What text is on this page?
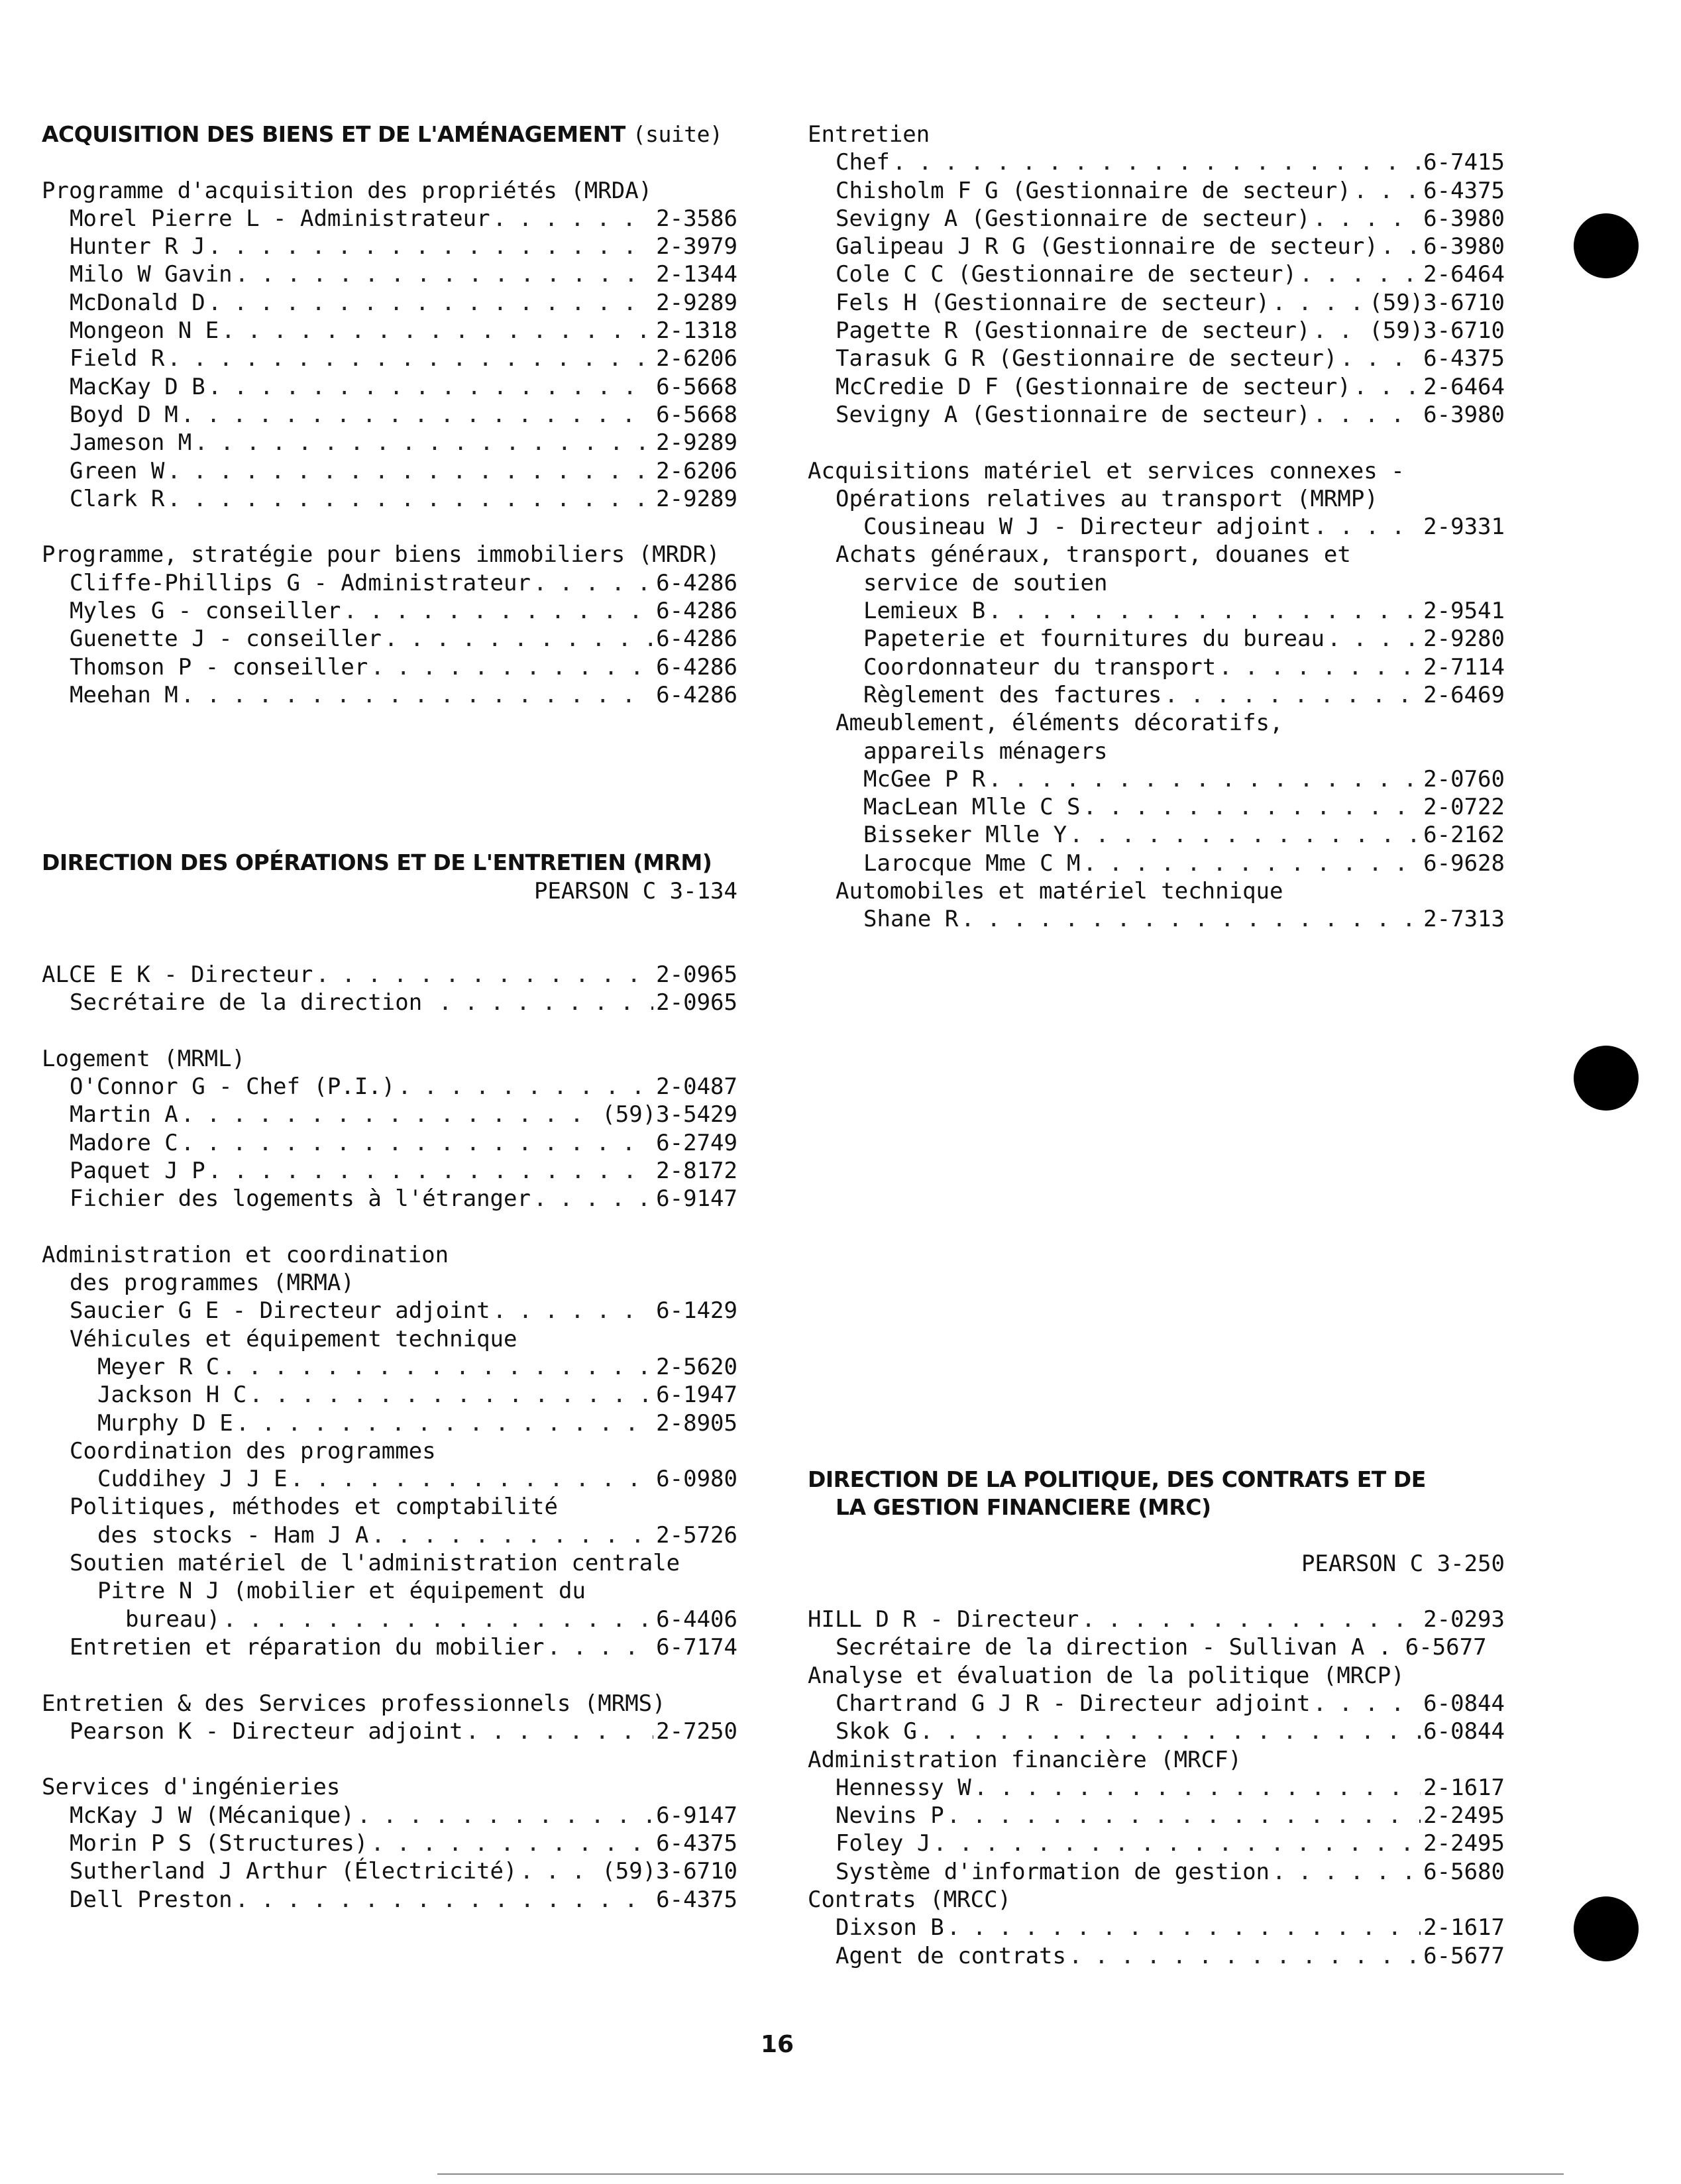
ACQUISITION DES BIENS ET DE L'AMÉNAGEMENT (suite)
Programme d'acquisition des propriétés (MRDA)
Morel Pierre L - Administrateur .....	2-3586
Hunter R J .....	2-3979
Milo W Gavin .....	2-1344
McDonald D .....	2-9289
Mongeon N E .....	2-1318
Field R .....	2-6206
MacKay D B .....	6-5668
Boyd D M .....	6-5668
Jameson M .....	2-9289
Green W .....	2-6206
Clark R .....	2-9289
Programme, stratégie pour biens immobiliers (MRDR)
Cliffe-Phillips G - Administrateur .....	6-4286
Myles G - conseiller .....	6-4286
Guenette J - conseiller .....	6-4286
Thomson P - conseiller .....	6-4286
Meehan M .....	6-4286
DIRECTION DES OPÉRATIONS ET DE L'ENTRETIEN (MRM)
PEARSON C 3-134
ALCE E K - Directeur .....	2-0965
Secrétaire de la direction .....	2-0965
Logement (MRML)
O'Connor G - Chef (P.I.) .....	2-0487
Martin A .....	(59)3-5429
Madore C .....	6-2749
Paquet J P .....	2-8172
Fichier des logements à l'étranger .....	6-9147
Administration et coordination
des programmes (MRMA)
Saucier G E - Directeur adjoint .....	6-1429
Véhicules et équipement technique
Meyer R C .....	2-5620
Jackson H C .....	6-1947
Murphy D E .....	2-8905
Coordination des programmes
Cuddihey J J E .....	6-0980
Politiques, méthodes et comptabilité
des stocks - Ham J A .....	2-5726
Soutien matériel de l'administration centrale
Pitre N J (mobilier et équipement du
bureau) .....	6-4406
Entretien et réparation du mobilier .....	6-7174
Entretien & des Services professionnels (MRMS)
Pearson K - Directeur adjoint .....	2-7250
Services d'ingénieries
McKay J W (Mécanique) .....	6-9147
Morin P S (Structures) .....	6-4375
Sutherland J Arthur (Électricité) .....	(59)3-6710
Dell Preston .....	6-4375
Entretien
Chef .....	6-7415
Chisholm F G (Gestionnaire de secteur) .....	6-4375
Sevigny A (Gestionnaire de secteur) .....	6-3980
Galipeau J R G (Gestionnaire de secteur) ..... 6-3980
Cole C C (Gestionnaire de secteur) .....	2-6464
Fels H (Gestionnaire de secteur) .....	(59)3-6710
Pagette R (Gestionnaire de secteur) .....	(59)3-6710
Tarasuk G R (Gestionnaire de secteur) .....	6-4375
McCredie D F (Gestionnaire de secteur) .....	2-6464
Sevigny A (Gestionnaire de secteur) .....	6-3980
Acquisitions matériel et services connexes -
Opérations relatives au transport (MRMP)
Cousineau W J - Directeur adjoint .....	2-9331
Achats généraux, transport, douanes et
service de soutien
Lemieux B .....	2-9541
Papeterie et fournitures du bureau .....	2-9280
Coordonnateur du transport .....	2-7114
Règlement des factures .....	2-6469
Ameublement, éléments décoratifs,
appareils ménagers
McGee P R .....	2-0760
MacLean Mlle C S .....	2-0722
Bisseker Mlle Y .....	6-2162
Larocque Mme C M .....	6-9628
Automobiles et matériel technique
Shane R .....	2-7313
DIRECTION DE LA POLITIQUE, DES CONTRATS ET DE
LA GESTION FINANCIERE (MRC)
PEARSON C 3-250
HILL D R - Directeur .....	2-0293
Secrétaire de la direction - Sullivan A . 6-5677
Analyse et évaluation de la politique (MRCP)
Chartrand G J R - Directeur adjoint .....	6-0844
Skok G .....	6-0844
Administration financière (MRCF)
Hennessy W .....	2-1617
Nevins P .....	2-2495
Foley J .....	2-2495
Système d'information de gestion .....	6-5680
Contrats (MRCC)
Dixson B .....	2-1617
Agent de contrats .....	6-5677
16
